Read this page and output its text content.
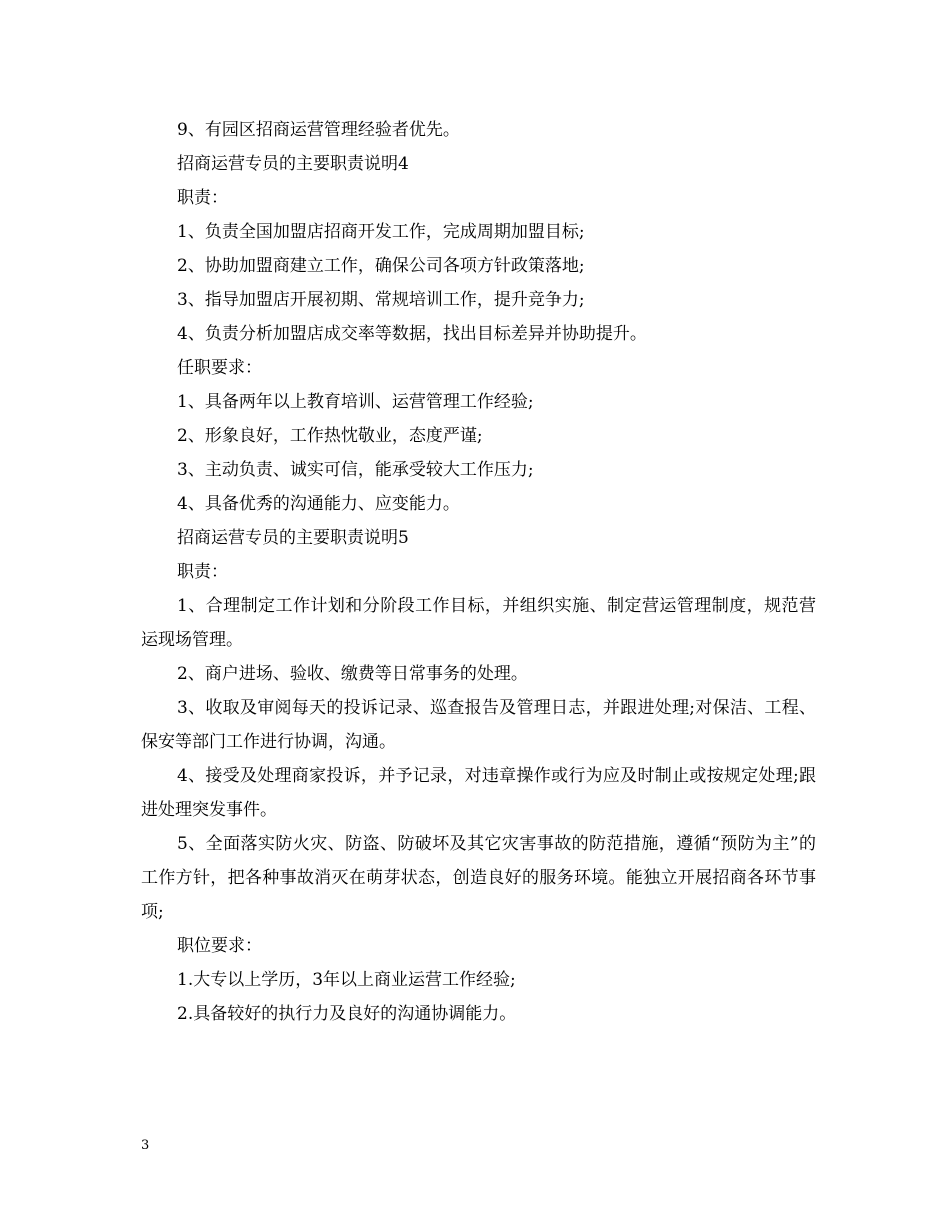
9、有园区招商运营管理经验者优先。

招商运营专员的主要职责说明4

职责：

1、负责全国加盟店招商开发工作，完成周期加盟目标;

2、协助加盟商建立工作，确保公司各项方针政策落地;

3、指导加盟店开展初期、常规培训工作，提升竞争力;

4、负责分析加盟店成交率等数据，找出目标差异并协助提升。

任职要求：

1、具备两年以上教育培训、运营管理工作经验;

2、形象良好，工作热忱敬业，态度严谨;

3、主动负责、诚实可信，能承受较大工作压力;

4、具备优秀的沟通能力、应变能力。

招商运营专员的主要职责说明5

职责：

1、合理制定工作计划和分阶段工作目标，并组织实施、制定营运管理制度，规范营运现场管理。

2、商户进场、验收、缴费等日常事务的处理。

3、收取及审阅每天的投诉记录、巡查报告及管理日志，并跟进处理;对保洁、工程、保安等部门工作进行协调，沟通。

4、接受及处理商家投诉，并予记录，对违章操作或行为应及时制止或按规定处理;跟进处理突发事件。

5、全面落实防火灾、防盗、防破坏及其它灾害事故的防范措施，遵循“预防为主”的工作方针，把各种事故消灭在萌芽状态，创造良好的服务环境。能独立开展招商各环节事项;

职位要求：

1.大专以上学历，3年以上商业运营工作经验;

2.具备较好的执行力及良好的沟通协调能力。

3
